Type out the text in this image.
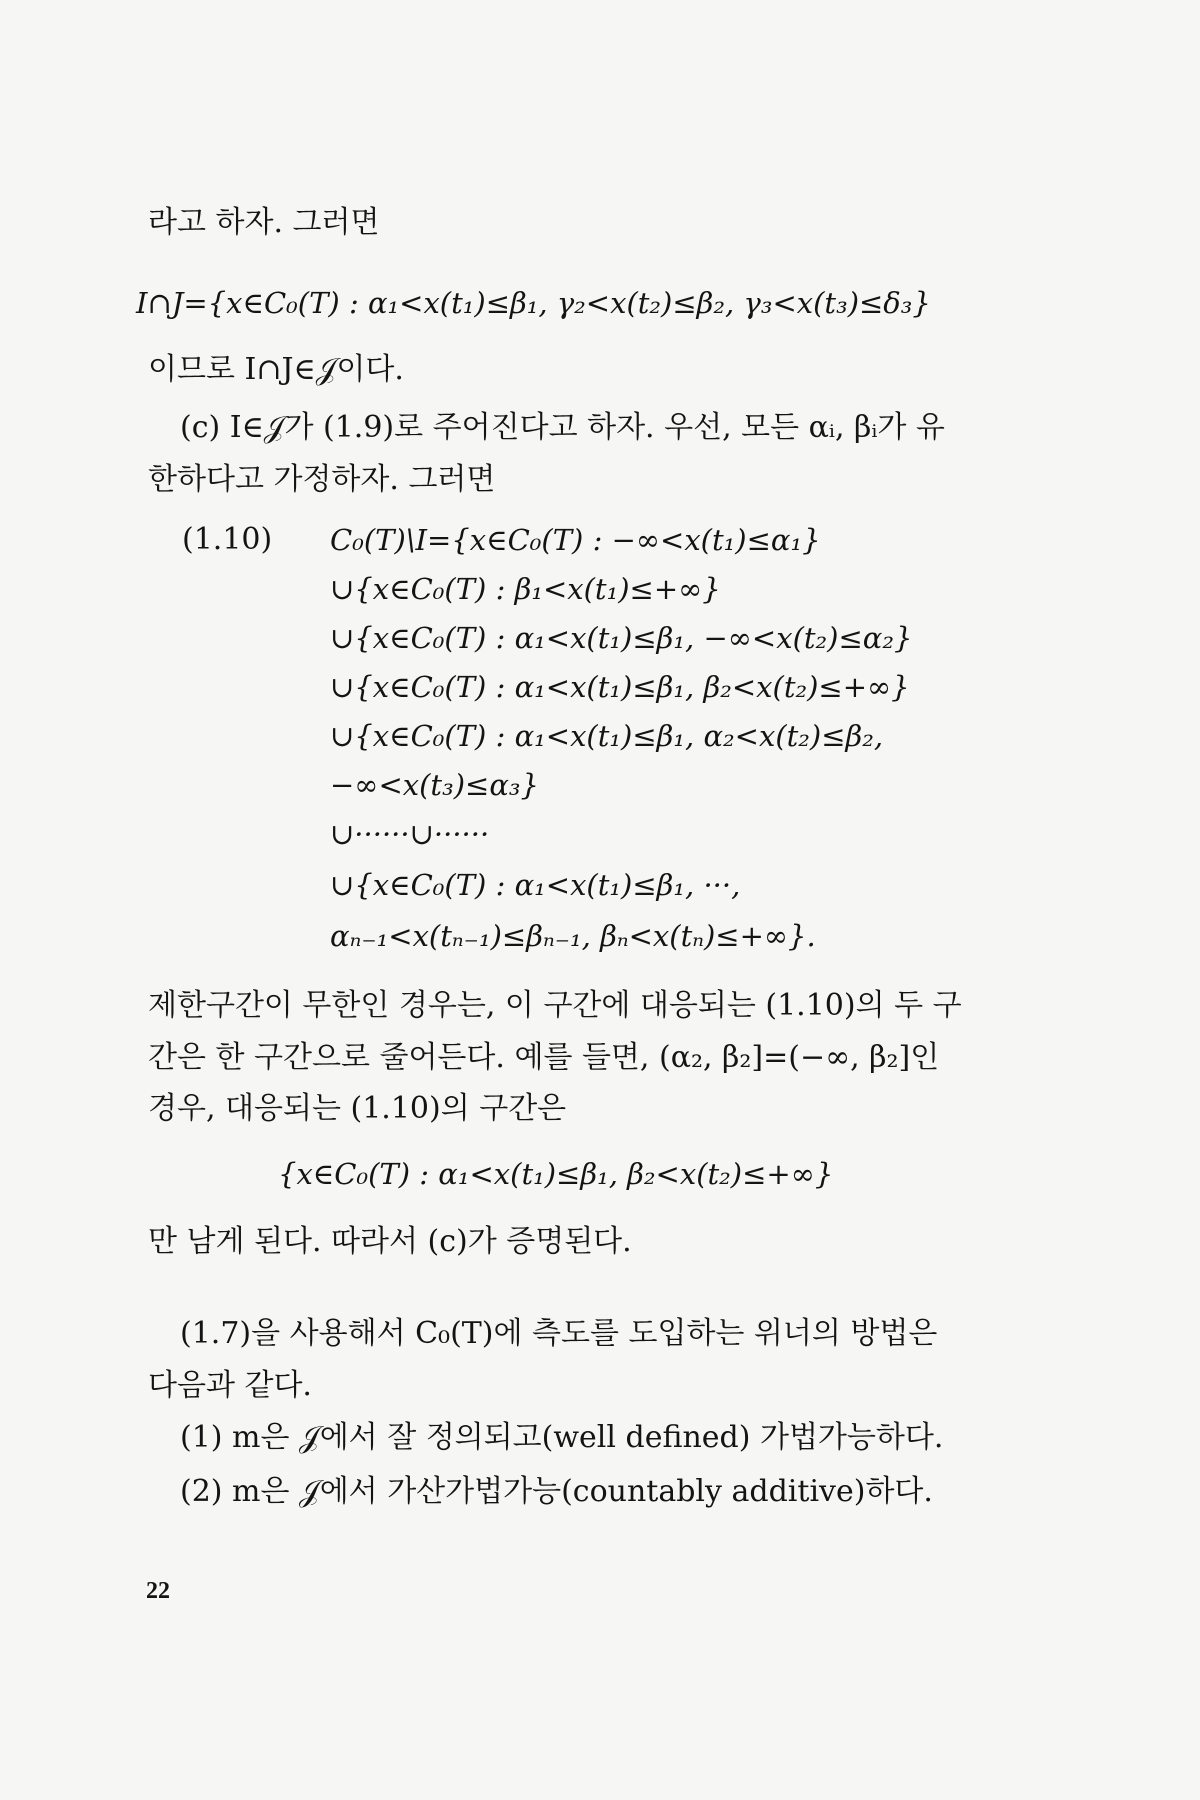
라고 하자. 그러면
I∩J={x∈C₀(T) : α₁<x(t₁)≤β₁, γ₂<x(t₂)≤β₂, γ₃<x(t₃)≤δ₃}
이므로 I∩J∈𝒥이다.
(c) I∈𝒥가 (1.9)로 주어진다고 하자. 우선, 모든 αᵢ, βᵢ가 유
한하다고 가정하자. 그러면
(1.10) C₀(T)\I={x∈C₀(T) : −∞<x(t₁)≤α₁}
∪{x∈C₀(T) : β₁<x(t₁)≤+∞}
∪{x∈C₀(T) : α₁<x(t₁)≤β₁, −∞<x(t₂)≤α₂}
∪{x∈C₀(T) : α₁<x(t₁)≤β₁, β₂<x(t₂)≤+∞}
∪{x∈C₀(T) : α₁<x(t₁)≤β₁, α₂<x(t₂)≤β₂,
−∞<x(t₃)≤α₃}
∪······∪······
∪{x∈C₀(T) : α₁<x(t₁)≤β₁, ···,
αₙ₋₁<x(tₙ₋₁)≤βₙ₋₁, βₙ<x(tₙ)≤+∞}.
제한구간이 무한인 경우는, 이 구간에 대응되는 (1.10)의 두 구
간은 한 구간으로 줄어든다. 예를 들면, (α₂, β₂]=(−∞, β₂]인
경우, 대응되는 (1.10)의 구간은
{x∈C₀(T) : α₁<x(t₁)≤β₁, β₂<x(t₂)≤+∞}
만 남게 된다. 따라서 (c)가 증명된다.
(1.7)을 사용해서 C₀(T)에 측도를 도입하는 위너의 방법은
다음과 같다.
(1) m은 𝒥에서 잘 정의되고(well defined) 가법가능하다.
(2) m은 𝒥에서 가산가법가능(countably additive)하다.
22
